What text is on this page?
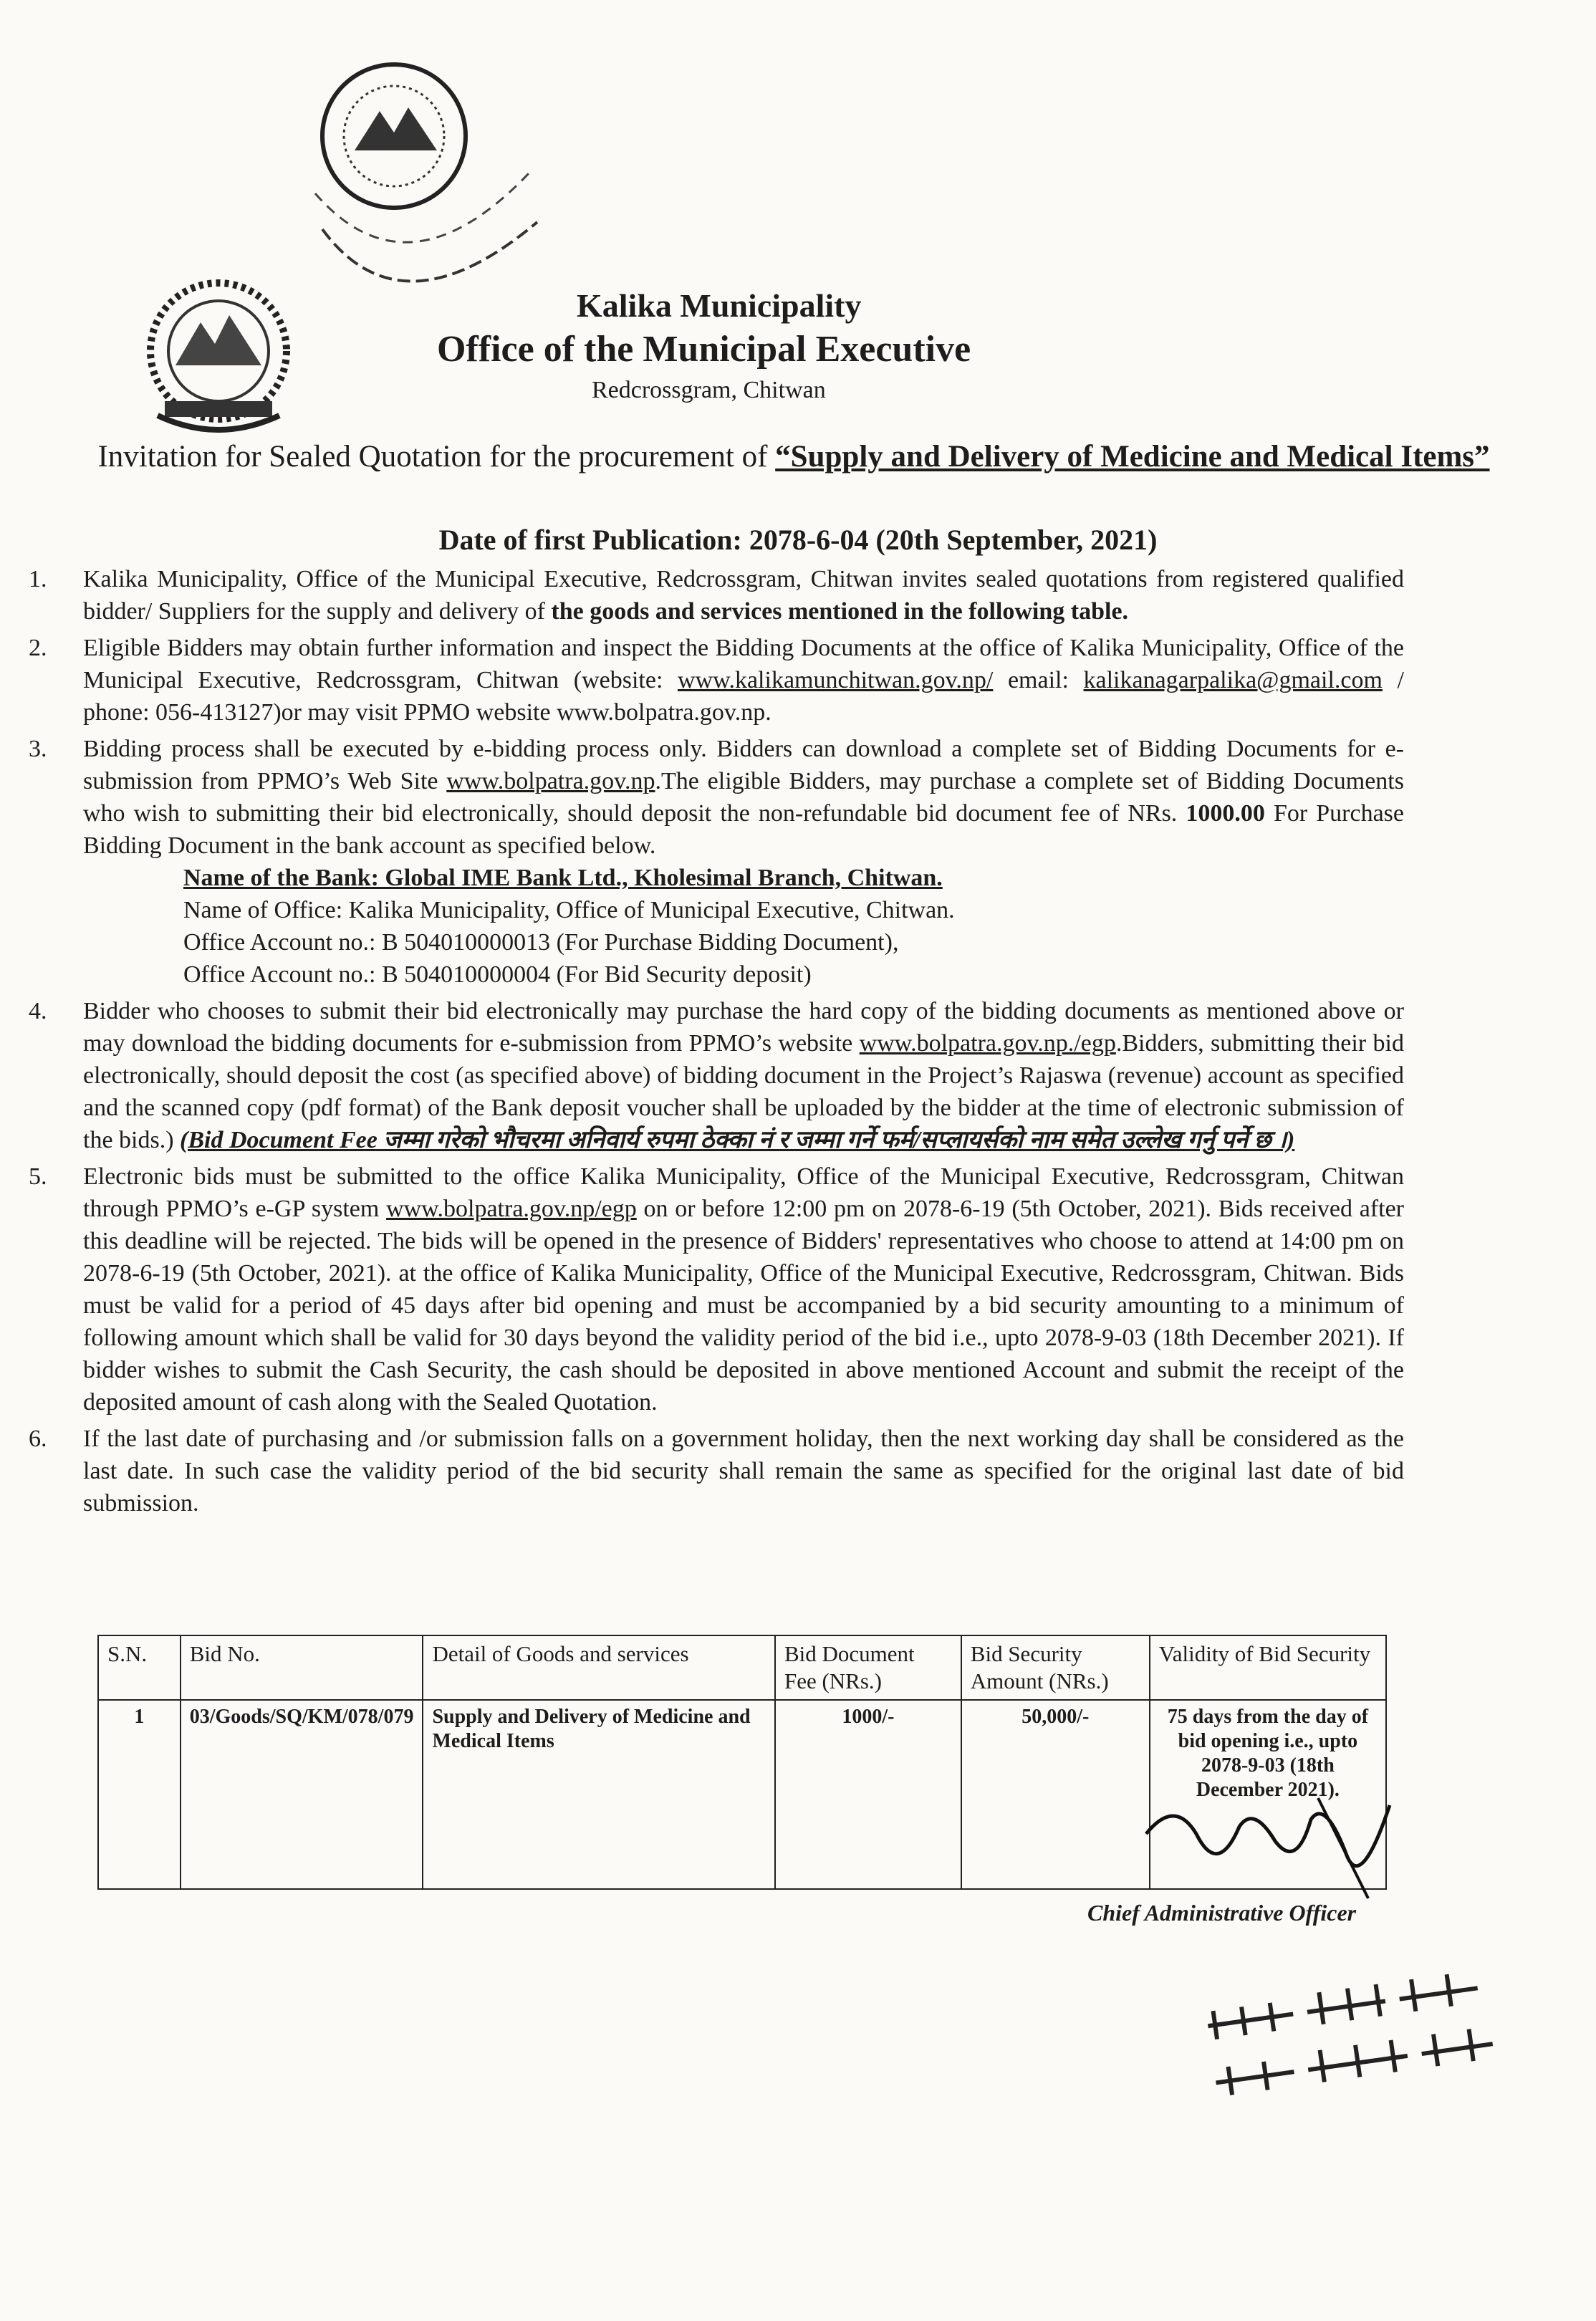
Kalika Municipality
Office of the Municipal Executive
Redcrossgram, Chitwan
Invitation for Sealed Quotation for the procurement of “Supply and Delivery of Medicine and Medical Items”
Date of first Publication: 2078-6-04 (20th September, 2021)
1. Kalika Municipality, Office of the Municipal Executive, Redcrossgram, Chitwan invites sealed quotations from registered qualified bidder/ Suppliers for the supply and delivery of the goods and services mentioned in the following table.
2. Eligible Bidders may obtain further information and inspect the Bidding Documents at the office of Kalika Municipality, Office of the Municipal Executive, Redcrossgram, Chitwan (website: www.kalikamunchitwan.gov.np/ email: kalikanagarpalika@gmail.com / phone: 056-413127)or may visit PPMO website www.bolpatra.gov.np.
3. Bidding process shall be executed by e-bidding process only. Bidders can download a complete set of Bidding Documents for e-submission from PPMO’s Web Site www.bolpatra.gov.np.The eligible Bidders, may purchase a complete set of Bidding Documents who wish to submitting their bid electronically, should deposit the non-refundable bid document fee of NRs. 1000.00 For Purchase Bidding Document in the bank account as specified below.
Name of the Bank: Global IME Bank Ltd., Kholesimal Branch, Chitwan.
Name of Office: Kalika Municipality, Office of Municipal Executive, Chitwan.
Office Account no.: B 504010000013 (For Purchase Bidding Document),
Office Account no.: B 504010000004 (For Bid Security deposit)
4. Bidder who chooses to submit their bid electronically may purchase the hard copy of the bidding documents as mentioned above or may download the bidding documents for e-submission from PPMO’s website www.bolpatra.gov.np./egp.Bidders, submitting their bid electronically, should deposit the cost (as specified above) of bidding document in the Project’s Rajaswa (revenue) account as specified and the scanned copy (pdf format) of the Bank deposit voucher shall be uploaded by the bidder at the time of electronic submission of the bids.) (Bid Document Fee जम्मा गरेको भौचरमा अनिवार्य रुपमा ठेक्का नं र जम्मा गर्ने फर्म/सप्लायर्सको नाम समेत उल्लेख गर्नु पर्ने छ ।)
5. Electronic bids must be submitted to the office Kalika Municipality, Office of the Municipal Executive, Redcrossgram, Chitwan through PPMO’s e-GP system www.bolpatra.gov.np/egp on or before 12:00 pm on 2078-6-19 (5th October, 2021). Bids received after this deadline will be rejected. The bids will be opened in the presence of Bidders' representatives who choose to attend at 14:00 pm on 2078-6-19 (5th October, 2021). at the office of Kalika Municipality, Office of the Municipal Executive, Redcrossgram, Chitwan. Bids must be valid for a period of 45 days after bid opening and must be accompanied by a bid security amounting to a minimum of following amount which shall be valid for 30 days beyond the validity period of the bid i.e., upto 2078-9-03 (18th December 2021). If bidder wishes to submit the Cash Security, the cash should be deposited in above mentioned Account and submit the receipt of the deposited amount of cash along with the Sealed Quotation.
6. If the last date of purchasing and /or submission falls on a government holiday, then the next working day shall be considered as the last date. In such case the validity period of the bid security shall remain the same as specified for the original last date of bid submission.
S.N.	Bid No.	Detail of Goods and services	Bid Document Fee (NRs.)	Bid Security Amount (NRs.)	Validity of Bid Security
1	03/Goods/SQ/KM/078/079	Supply and Delivery of Medicine and Medical Items	1000/-	50,000/-	75 days from the day of bid opening i.e., upto 2078-9-03 (18th December 2021).
Chief Administrative Officer
